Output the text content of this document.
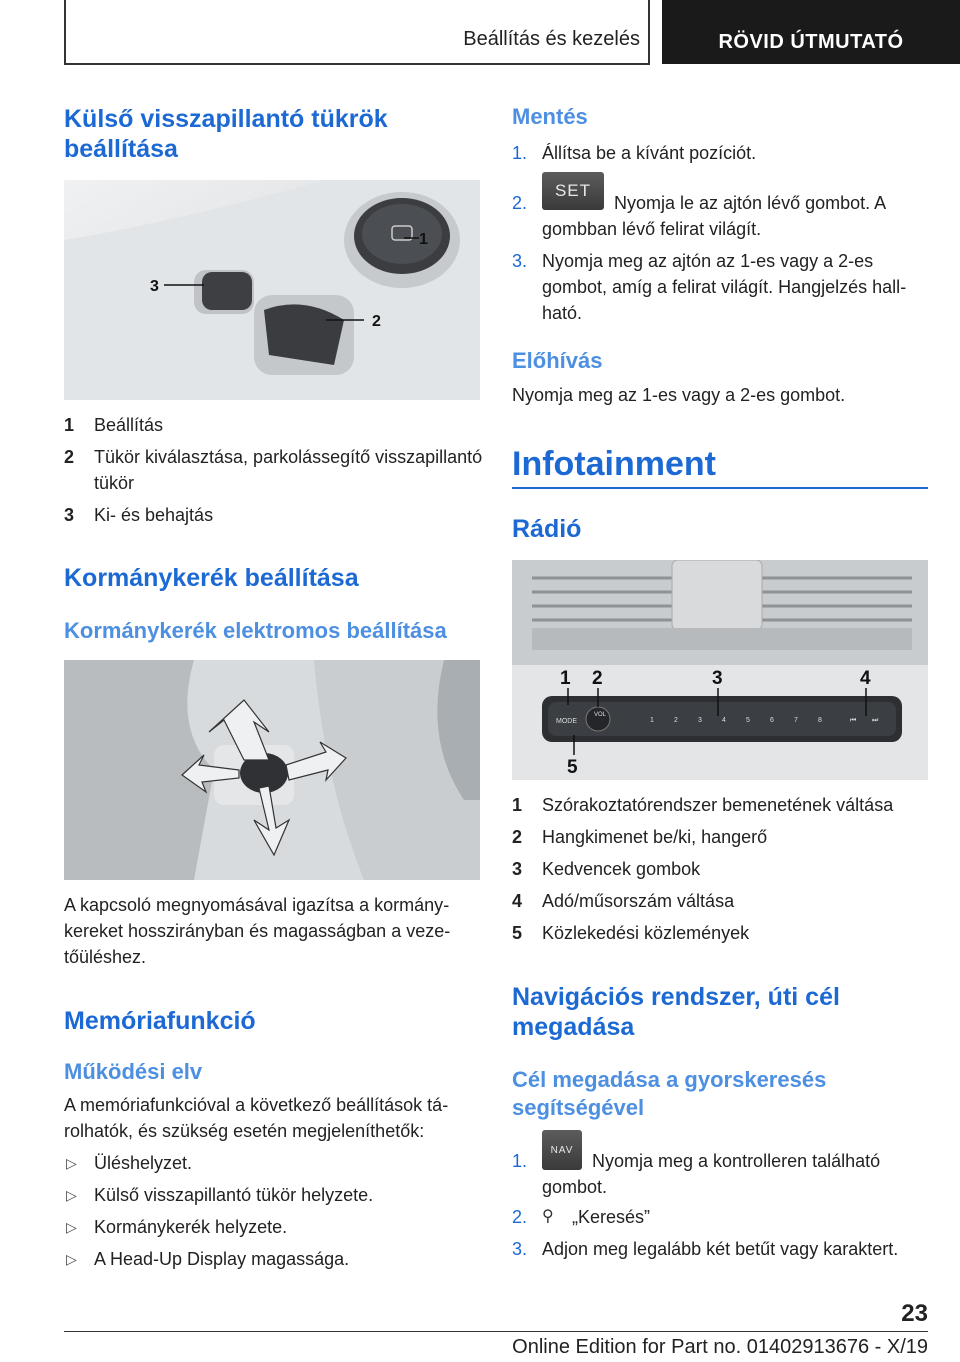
Beállítás és kezelés	RÖVID ÚTMUTATÓ
Külső visszapillantó tükrök beállítása
1
2
3
1	Beállítás
2	Tükör kiválasztása, parkolássegítő visszapillantó tükör
3	Ki- és behajtás
Kormánykerék beállítása
Kormánykerék elektromos beállítása
A kapcsoló megnyomásával igazítsa a kormánykereket hosszirányban és magasságban a vezetőüléshez.
Memóriafunkció
Működési elv
A memóriafunkcióval a következő beállítások tárolhatók, és szükség esetén megjeleníthetők:
▷ Üléshelyzet.
▷ Külső visszapillantó tükör helyzete.
▷ Kormánykerék helyzete.
▷ A Head-Up Display magassága.
Mentés
1. Állítsa be a kívánt pozíciót.
2.
SET
Nyomja le az ajtón lévő gombot. A gombban lévő felirat világít.
3. Nyomja meg az ajtón az 1-es vagy a 2-es gombot, amíg a felirat világít. Hangjelzés hallható.
Előhívás
Nyomja meg az 1-es vagy a 2-es gombot.
Infotainment
Rádió
MODE
VOL
1	2	3	4	5	6	7	8	⏮ ⏭
1 2	3	4
5
1	Szórakoztatórendszer bemenetének váltása
2	Hangkimenet be/ki, hangerő
3	Kedvencek gombok
4	Adó/műsorszám váltása
5	Közlekedési közlemények
Navigációs rendszer, úti cél megadása
Cél megadása a gyorskeresés segítségével
1.
NAV
Nyomja meg a kontrolleren található gombot.
2. ⚲ „Keresés”
3. Adjon meg legalább két betűt vagy karaktert.
23
Online Edition for Part no. 01402913676 - X/19
